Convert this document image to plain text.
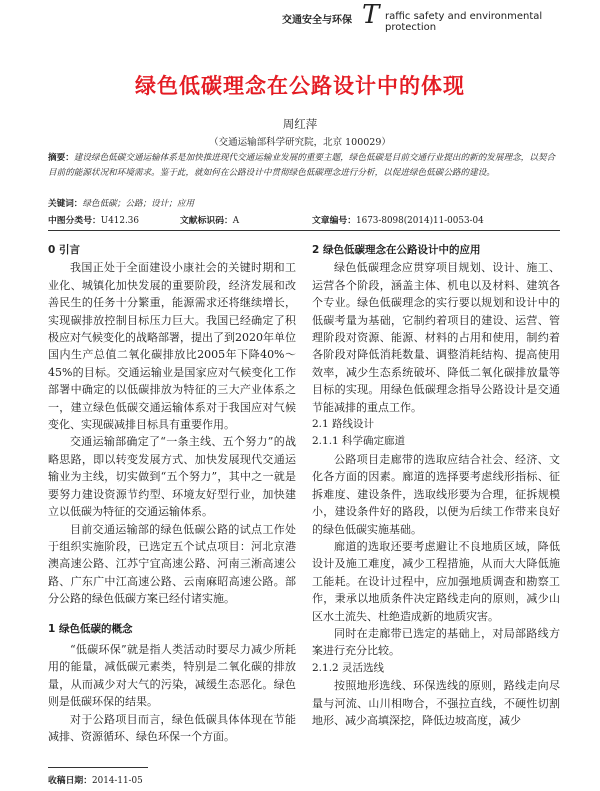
交通安全与环保 T raffic safety and environmental protection
绿色低碳理念在公路设计中的体现
周红萍
（交通运输部科学研究院，北京 100029）
摘要：建设绿色低碳交通运输体系是加快推进现代交通运输业发展的重要主题，绿色低碳是目前交通行业提出的新的发展理念，以契合目前的能源状况和环境需求。鉴于此，就如何在公路设计中贯彻绿色低碳理念进行分析，以促进绿色低碳公路的建设。
关键词：绿色低碳；公路；设计；应用
中图分类号：U412.36	文献标识码：A	文章编号：1673-8098(2014)11-0053-04
0 引言

我国正处于全面建设小康社会的关键时期和工业化、城镇化加快发展的重要阶段，经济发展和改善民生的任务十分繁重，能源需求还将继续增长，实现碳排放控制目标压力巨大。我国已经确定了积极应对气候变化的战略部署，提出了到2020年单位国内生产总值二氧化碳排放比2005年下降40%～45%的目标。交通运输业是国家应对气候变化工作部署中确定的以低碳排放为特征的三大产业体系之一，建立绿色低碳交通运输体系对于我国应对气候变化、实现碳减排目标具有重要作用。

交通运输部确定了“一条主线、五个努力”的战略思路，即以转变发展方式、加快发展现代交通运输业为主线，切实做到“五个努力”，其中之一就是要努力建设资源节约型、环境友好型行业，加快建立以低碳为特征的交通运输体系。

目前交通运输部的绿色低碳公路的试点工作处于组织实施阶段，已选定五个试点项目：河北京港澳高速公路、江苏宁宜高速公路、河南三淅高速公路、广东广中江高速公路、云南麻昭高速公路。部分公路的绿色低碳方案已经付诸实施。

1 绿色低碳的概念

“低碳环保”就是指人类活动时要尽力减少所耗用的能量，减低碳元素类，特别是二氧化碳的排放量，从而减少对大气的污染，减缓生态恶化。绿色则是低碳环保的结果。

对于公路项目而言，绿色低碳具体体现在节能减排、资源循环、绿色环保一个方面。

2 绿色低碳理念在公路设计中的应用

绿色低碳理念应贯穿项目规划、设计、施工、运营各个阶段，涵盖主体、机电以及材料、建筑各个专业。绿色低碳理念的实行要以规划和设计中的低碳考量为基础，它制约着项目的建设、运营、管理阶段对资源、能源、材料的占用和使用，制约着各阶段对降低消耗数量、调整消耗结构、提高使用效率，减少生态系统破坏、降低二氧化碳排放量等目标的实现。用绿色低碳理念指导公路设计是交通节能减排的重点工作。

2.1 路线设计
2.1.1 科学确定廊道

公路项目走廊带的选取应结合社会、经济、文化各方面的因素。廊道的选择要考虑线形指标、征拆难度、建设条件，选取线形要为合理，征拆规模小，建设条件好的路段，以便为后续工作带来良好的绿色低碳实施基础。

廊道的选取还要考虑避让不良地质区域，降低设计及施工难度，减少工程措施，从而大大降低施工能耗。在设计过程中，应加强地质调查和勘察工作，秉承以地质条件决定路线走向的原则，减少山区水土流失、杜绝造成新的地质灾害。

同时在走廊带已选定的基础上，对局部路线方案进行充分比较。

2.1.2 灵活选线

按照地形选线、环保选线的原则，路线走向尽量与河流、山川相吻合，不强拉直线，不硬性切割地形、减少高填深挖，降低边坡高度，减少

收稿日期：2014-11-05
